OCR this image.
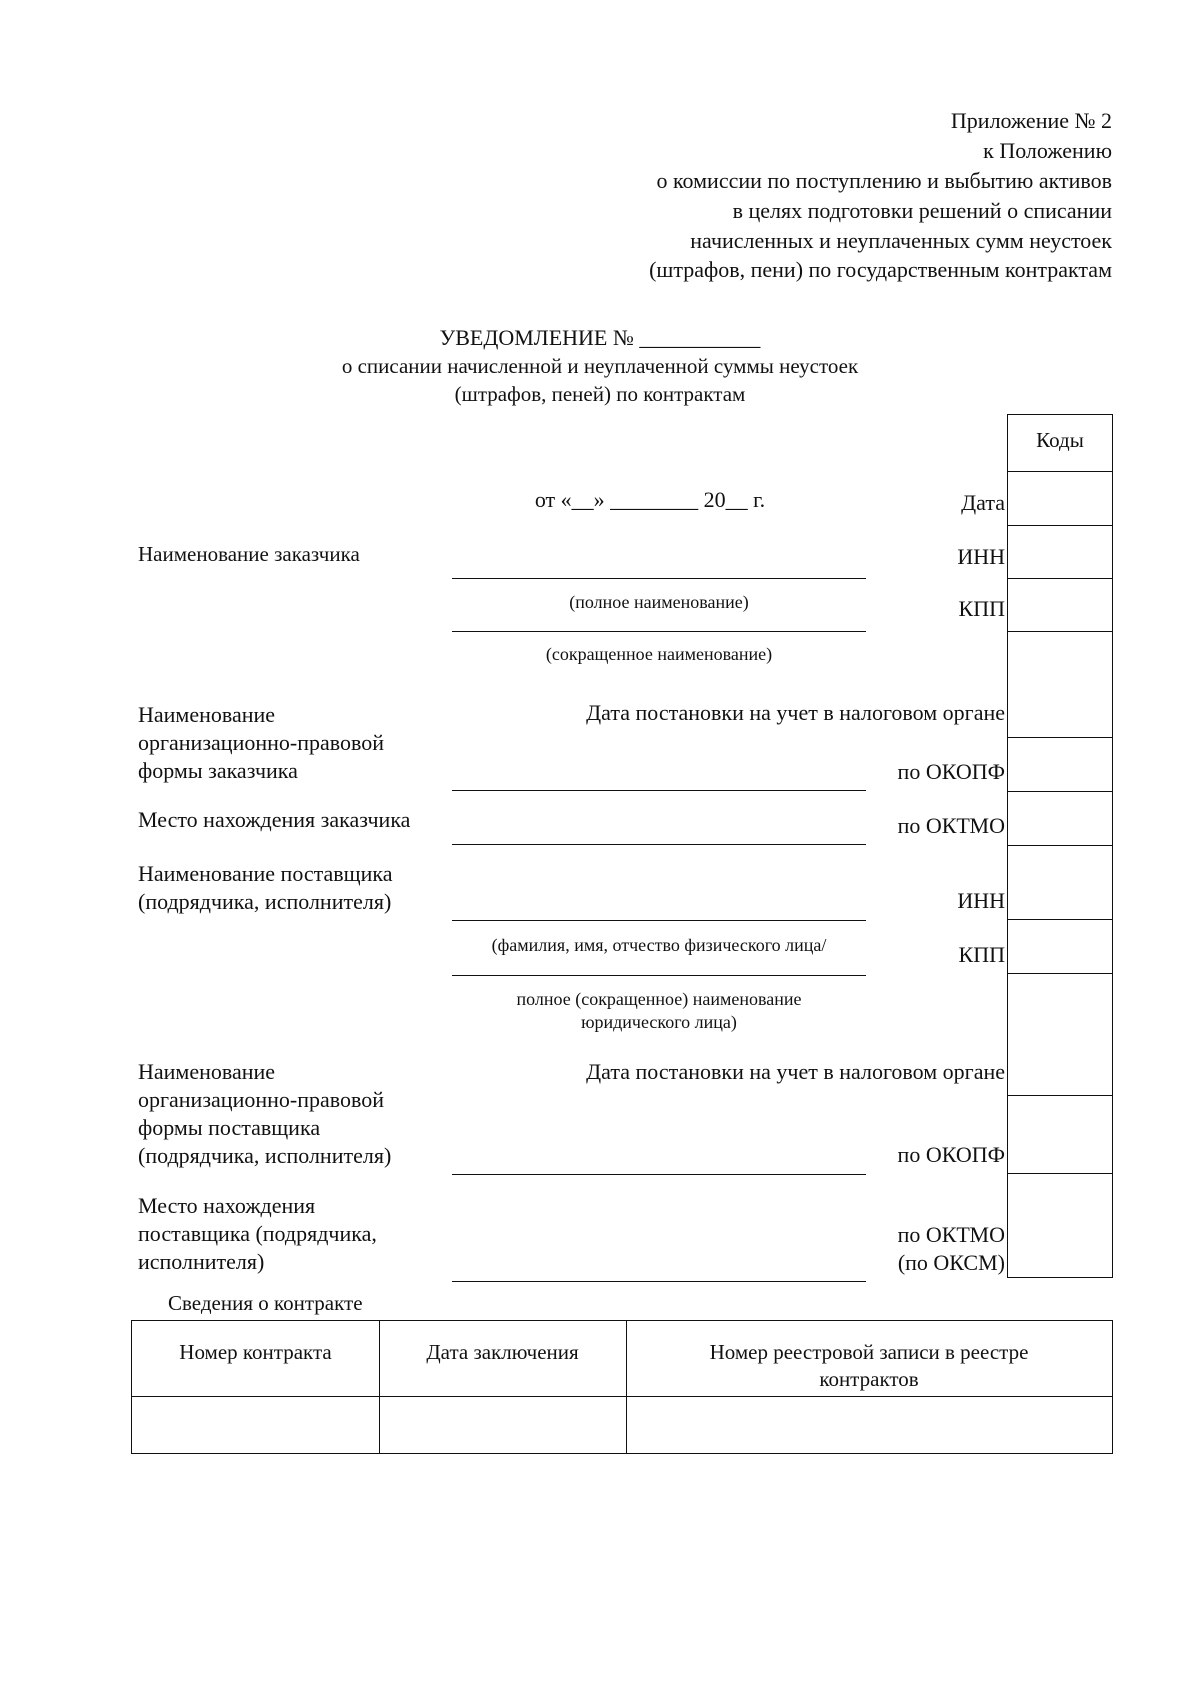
Приложение № 2
к Положению
о комиссии по поступлению и выбытию активов
в целях подготовки решений о списании
начисленных и неуплаченных сумм неустоек
(штрафов, пени) по государственным контрактам
УВЕДОМЛЕНИЕ № ___________
о списании начисленной и неуплаченной суммы неустоек
(штрафов, пеней) по контрактам
от «__» ________ 20__ г.
Коды
Дата
ИНН
КПП
Дата постановки на учет в налоговом органе
по ОКОПФ
по ОКТМО
ИНН
КПП
Дата постановки на учет в налоговом органе
по ОКОПФ
по ОКТМО
(по ОКСМ)
Наименование заказчика
Наименование
организационно-правовой
формы заказчика
Место нахождения заказчика
Наименование поставщика
(подрядчика, исполнителя)
Наименование
организационно-правовой
формы поставщика
(подрядчика, исполнителя)
Место нахождения
поставщика (подрядчика,
исполнителя)
(полное наименование)
(сокращенное наименование)
(фамилия, имя, отчество физического лица/
полное (сокращенное) наименование
юридического лица)
Сведения о контракте
Номер контракта	Дата заключения	Номер реестровой записи в реестре
контрактов
